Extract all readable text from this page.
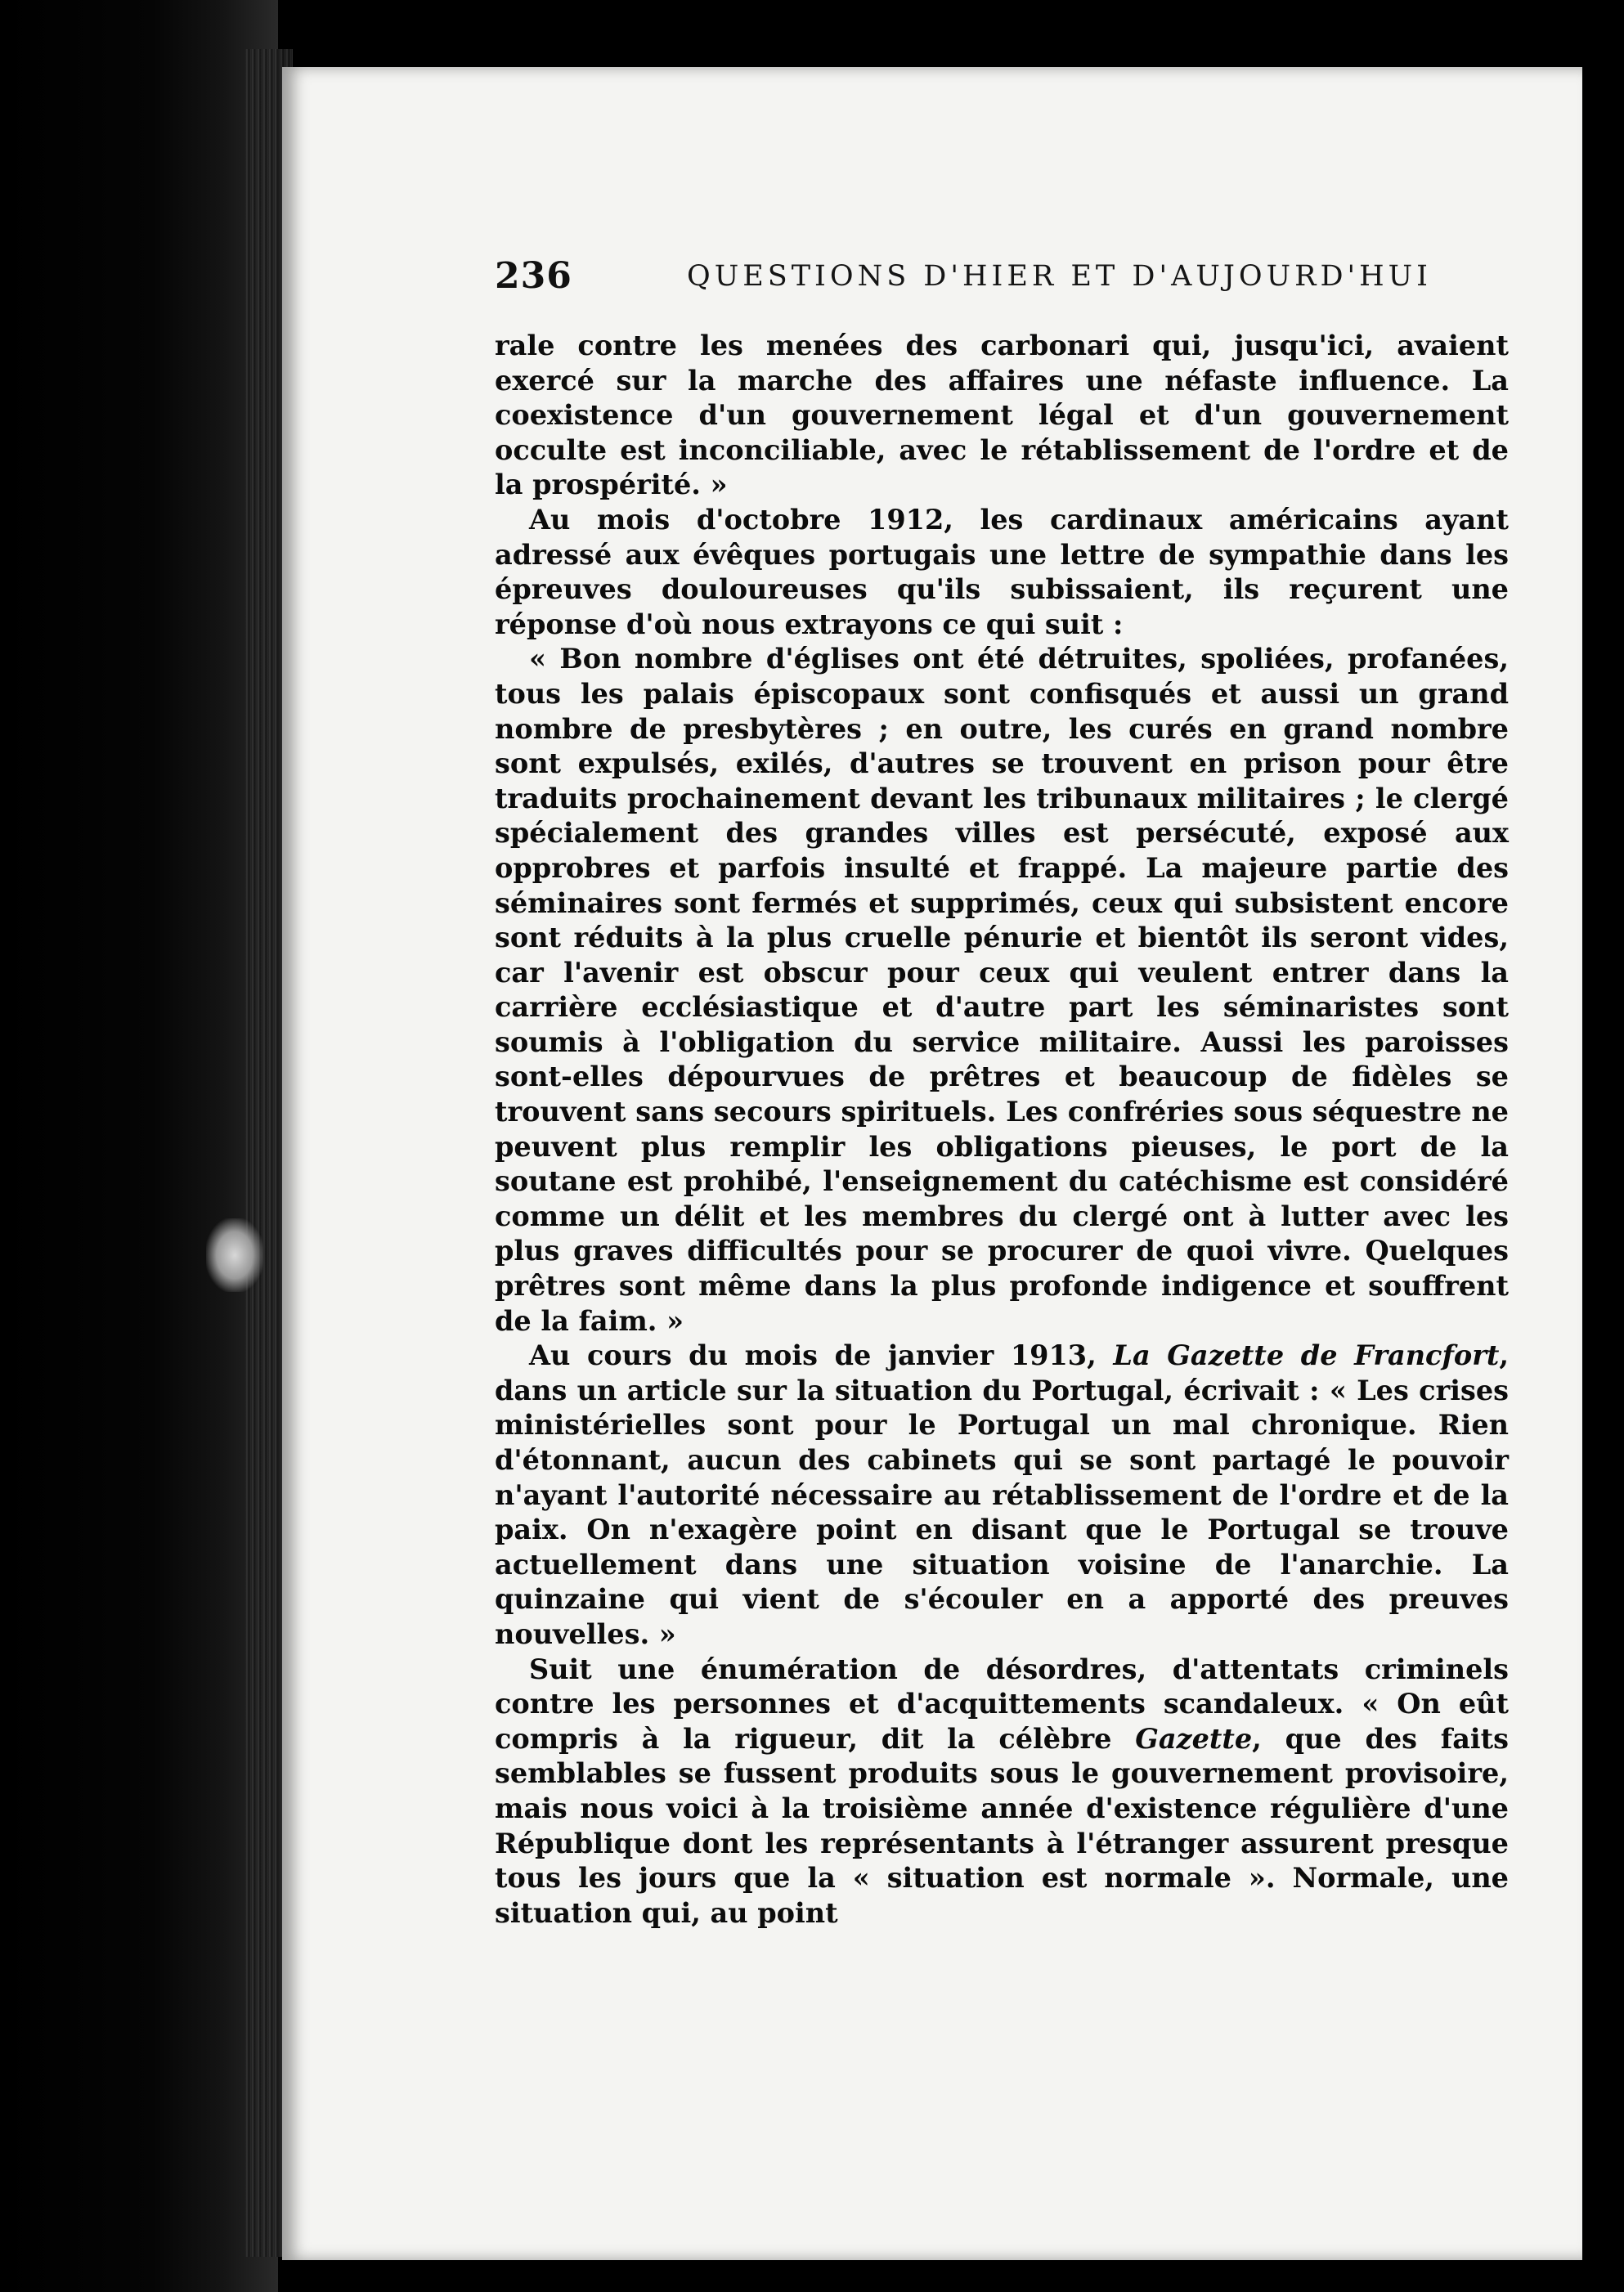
236	QUESTIONS D'HIER ET D'AUJOURD'HUI

rale contre les menées des carbonari qui, jusqu'ici, avaient exercé sur la marche des affaires une néfaste influence. La coexistence d'un gouvernement légal et d'un gouvernement occulte est inconciliable, avec le rétablissement de l'ordre et de la prospérité. »

Au mois d'octobre 1912, les cardinaux américains ayant adressé aux évêques portugais une lettre de sympathie dans les épreuves douloureuses qu'ils subissaient, ils reçurent une réponse d'où nous extrayons ce qui suit :

« Bon nombre d'églises ont été détruites, spoliées, profanées, tous les palais épiscopaux sont confisqués et aussi un grand nombre de presbytères ; en outre, les curés en grand nombre sont expulsés, exilés, d'autres se trouvent en prison pour être traduits prochainement devant les tribunaux militaires ; le clergé spécialement des grandes villes est persécuté, exposé aux opprobres et parfois insulté et frappé. La majeure partie des séminaires sont fermés et supprimés, ceux qui subsistent encore sont réduits à la plus cruelle pénurie et bientôt ils seront vides, car l'avenir est obscur pour ceux qui veulent entrer dans la carrière ecclésiastique et d'autre part les séminaristes sont soumis à l'obligation du service militaire. Aussi les paroisses sont-elles dépourvues de prêtres et beaucoup de fidèles se trouvent sans secours spirituels. Les confréries sous séquestre ne peuvent plus remplir les obligations pieuses, le port de la soutane est prohibé, l'enseignement du catéchisme est considéré comme un délit et les membres du clergé ont à lutter avec les plus graves difficultés pour se procurer de quoi vivre. Quelques prêtres sont même dans la plus profonde indigence et souffrent de la faim. »

Au cours du mois de janvier 1913, La Gazette de Francfort, dans un article sur la situation du Portugal, écrivait : « Les crises ministérielles sont pour le Portugal un mal chronique. Rien d'étonnant, aucun des cabinets qui se sont partagé le pouvoir n'ayant l'autorité nécessaire au rétablissement de l'ordre et de la paix. On n'exagère point en disant que le Portugal se trouve actuellement dans une situation voisine de l'anarchie. La quinzaine qui vient de s'écouler en a apporté des preuves nouvelles. »

Suit une énumération de désordres, d'attentats criminels contre les personnes et d'acquittements scandaleux. « On eût compris à la rigueur, dit la célèbre Gazette, que des faits semblables se fussent produits sous le gouvernement provisoire, mais nous voici à la troisième année d'existence régulière d'une République dont les représentants à l'étranger assurent presque tous les jours que la « situation est normale ». Normale, une situation qui, au point
